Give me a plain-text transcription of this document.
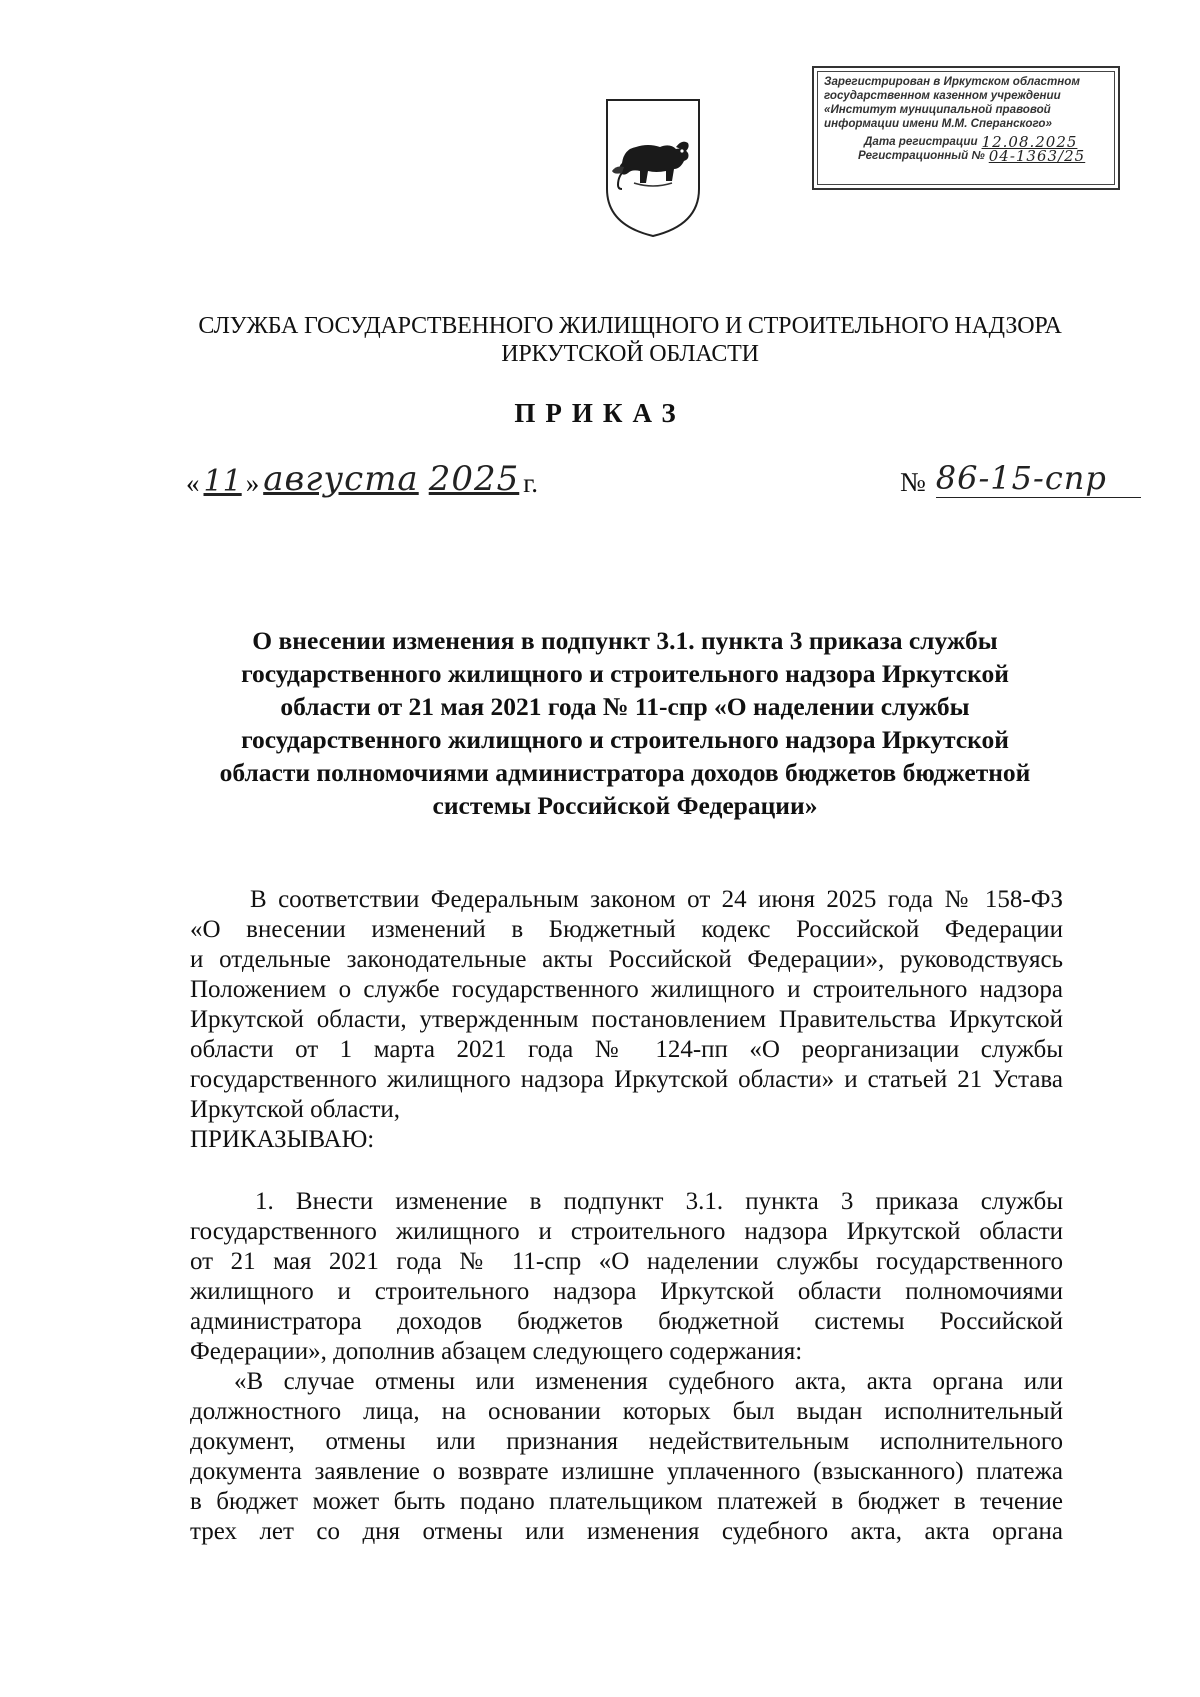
Зарегистрирован в Иркутском областном
государственном казенном учреждении
«Институт муниципальной правовой
информации имени М.М. Сперанского»
Дата регистрации 12.08.2025
Регистрационный № 04-1363/25
СЛУЖБА ГОСУДАРСТВЕННОГО ЖИЛИЩНОГО И СТРОИТЕЛЬНОГО НАДЗОРА
ИРКУТСКОЙ ОБЛАСТИ
ПРИКАЗ
« 11 » августа 2025 г.	№ 86-15-спр
О внесении изменения в подпункт 3.1. пункта 3 приказа службы
государственного жилищного и строительного надзора Иркутской
области от 21 мая 2021 года № 11-спр «О наделении службы
государственного жилищного и строительного надзора Иркутской
области полномочиями администратора доходов бюджетов бюджетной
системы Российской Федерации»
В соответствии Федеральным законом от 24 июня 2025 года № 158-ФЗ
«О внесении изменений в Бюджетный кодекс Российской Федерации
и отдельные законодательные акты Российской Федерации», руководствуясь
Положением о службе государственного жилищного и строительного надзора
Иркутской области, утвержденным постановлением Правительства Иркутской
области от 1 марта 2021 года № 124-пп «О реорганизации службы
государственного жилищного надзора Иркутской области» и статьей 21 Устава
Иркутской области,
ПРИКАЗЫВАЮ:
1. Внести изменение в подпункт 3.1. пункта 3 приказа службы
государственного жилищного и строительного надзора Иркутской области
от 21 мая 2021 года № 11-спр «О наделении службы государственного
жилищного и строительного надзора Иркутской области полномочиями
администратора доходов бюджетов бюджетной системы Российской
Федерации», дополнив абзацем следующего содержания:
«В случае отмены или изменения судебного акта, акта органа или
должностного лица, на основании которых был выдан исполнительный
документ, отмены или признания недействительным исполнительного
документа заявление о возврате излишне уплаченного (взысканного) платежа
в бюджет может быть подано плательщиком платежей в бюджет в течение
трех лет со дня отмены или изменения судебного акта, акта органа
